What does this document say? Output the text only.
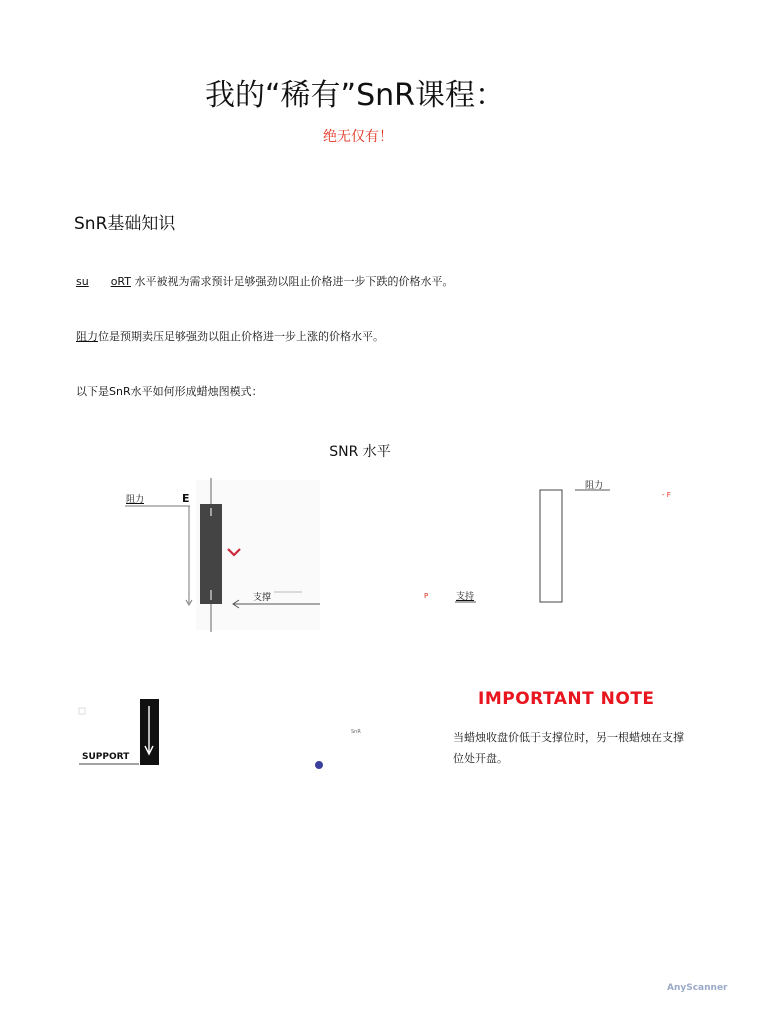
我的“稀有”SnR课程：
绝无仅有！
SnR基础知识
su oRT 水平被视为需求预计足够强劲以阻止价格进一步下跌的价格水平。
阻力位是预期卖压足够强劲以阻止价格进一步上涨的价格水平。
以下是SnR水平如何形成蜡烛图模式：
SNR 水平
阻力	E
支撑
阻力
- F
P	支持
SUPPORT
SnR
IMPORTANT NOTE
当蜡烛收盘价低于支撑位时，另一根蜡烛在支撑位处开盘。
AnyScanner
